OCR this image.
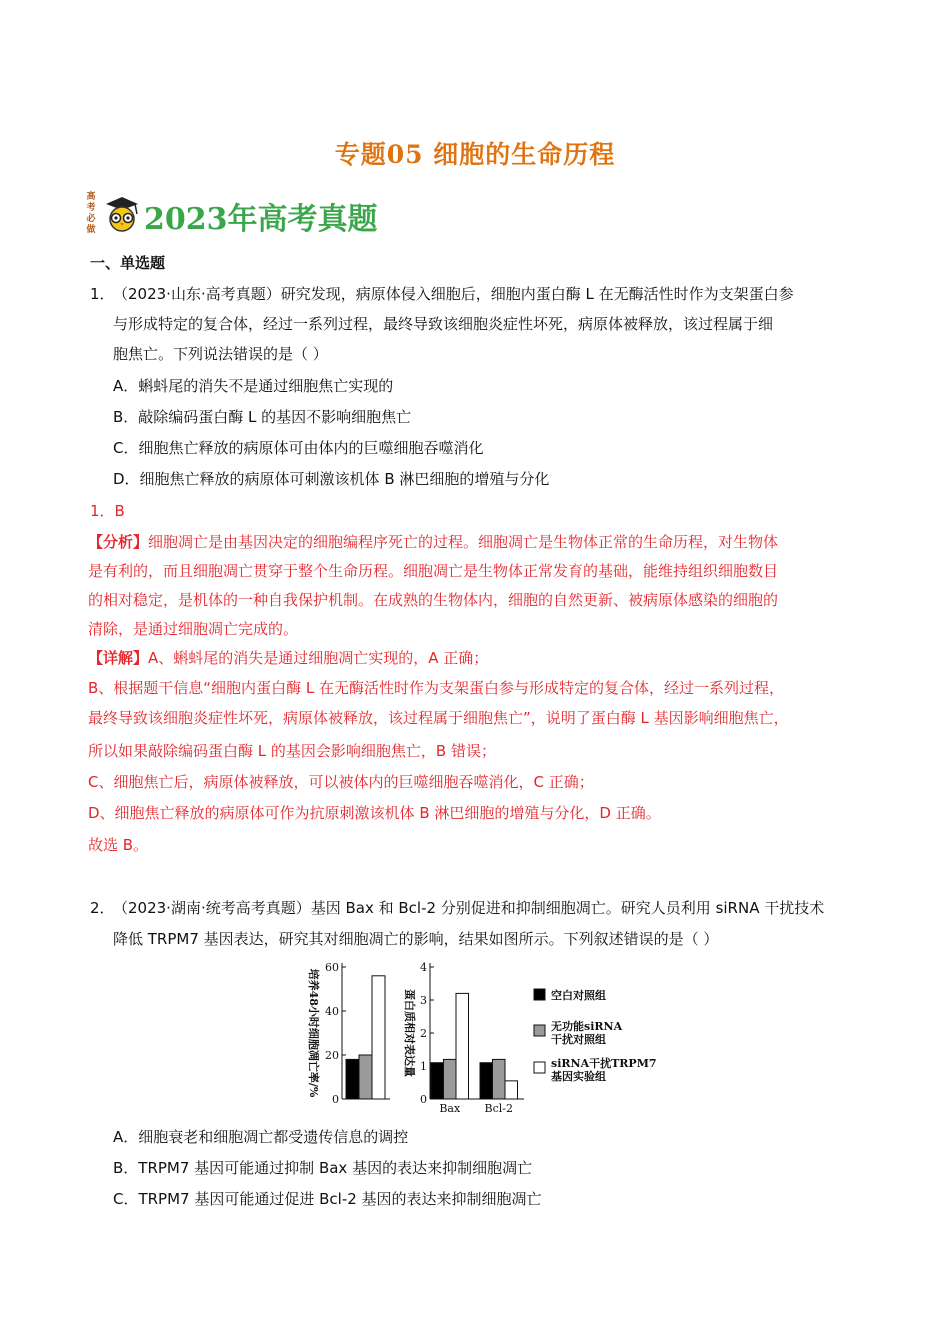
专题05 细胞的生命历程
高考必做 2023年高考真题
一、单选题
1．
（2023·山东·高考真题）研究发现，病原体侵入细胞后，细胞内蛋白酶 L 在无酶活性时作为支架蛋白参
与形成特定的复合体，经过一系列过程，最终导致该细胞炎症性坏死，病原体被释放，该过程属于细
胞焦亡。下列说法错误的是（ ）
A．蝌蚪尾的消失不是通过细胞焦亡实现的
B．敲除编码蛋白酶 L 的基因不影响细胞焦亡
C．细胞焦亡释放的病原体可由体内的巨噬细胞吞噬消化
D．细胞焦亡释放的病原体可刺激该机体 B 淋巴细胞的增殖与分化
1．B
【分析】细胞凋亡是由基因决定的细胞编程序死亡的过程。细胞凋亡是生物体正常的生命历程，对生物体
是有利的，而且细胞凋亡贯穿于整个生命历程。细胞凋亡是生物体正常发育的基础，能维持组织细胞数目
的相对稳定，是机体的一种自我保护机制。在成熟的生物体内，细胞的自然更新、被病原体感染的细胞的
清除，是通过细胞凋亡完成的。
【详解】A、蝌蚪尾的消失是通过细胞凋亡实现的，A 正确；
B、根据题干信息“细胞内蛋白酶 L 在无酶活性时作为支架蛋白参与形成特定的复合体，经过一系列过程，
最终导致该细胞炎症性坏死，病原体被释放，该过程属于细胞焦亡”，说明了蛋白酶 L 基因影响细胞焦亡，
所以如果敲除编码蛋白酶 L 的基因会影响细胞焦亡，B 错误；
C、细胞焦亡后，病原体被释放，可以被体内的巨噬细胞吞噬消化，C 正确；
D、细胞焦亡释放的病原体可作为抗原刺激该机体 B 淋巴细胞的增殖与分化，D 正确。
故选 B。
2．
（2023·湖南·统考高考真题）基因 Bax 和 Bcl-2 分别促进和抑制细胞凋亡。研究人员利用 siRNA 干扰技术
降低 TRPM7 基因表达，研究其对细胞凋亡的影响，结果如图所示。下列叙述错误的是（ ）
0
20
40
60
培养48小时细胞凋亡率/%
0
1
2
3
4
蛋白质相对表达量
Bax Bcl-2
空白对照组
无功能siRNA
干扰对照组
siRNA干扰TRPM7
基因实验组
A．细胞衰老和细胞凋亡都受遗传信息的调控
B．TRPM7 基因可能通过抑制 Bax 基因的表达来抑制细胞凋亡
C．TRPM7 基因可能通过促进 Bcl-2 基因的表达来抑制细胞凋亡
